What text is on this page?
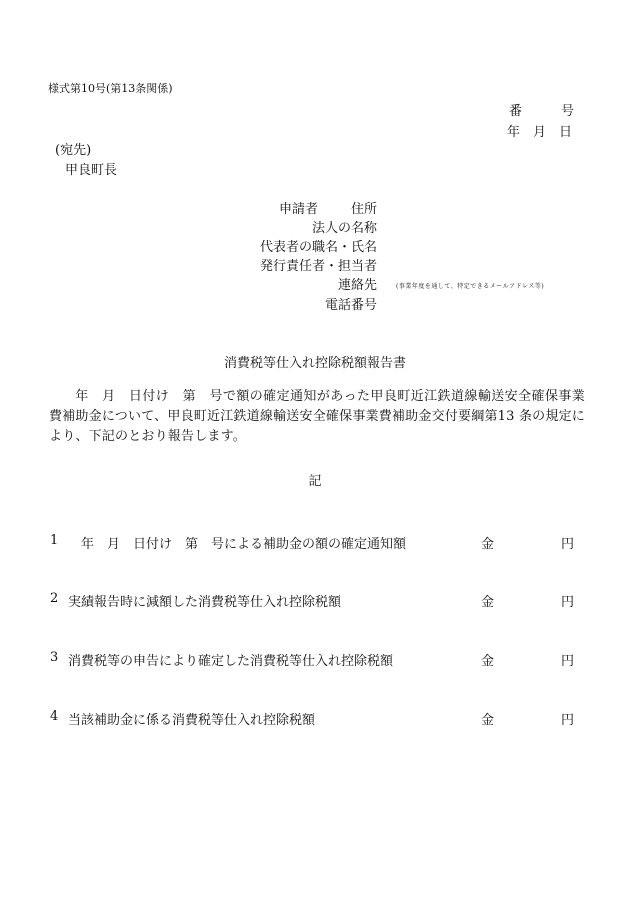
様式第10号(第13条関係)
番　　　号
年　月　日
(宛先)
甲良町長
申請者	住所
法人の名称
代表者の職名・氏名
発行責任者・担当者
連絡先	(事業年度を通して、特定できるメールアドレス等)
電話番号
消費税等仕入れ控除税額報告書
年　月　日付け　第　号で額の確定通知があった甲良町近江鉄道線輸送安全確保事業費補助金について、甲良町近江鉄道線輸送安全確保事業費補助金交付要綱第13 条の規定により、下記のとおり報告します。
記
1 　年　月　日付け　第　号による補助金の額の確定通知額	金	円
2 実績報告時に減額した消費税等仕入れ控除税額	金	円
3 消費税等の申告により確定した消費税等仕入れ控除税額	金	円
4 当該補助金に係る消費税等仕入れ控除税額	金	円
